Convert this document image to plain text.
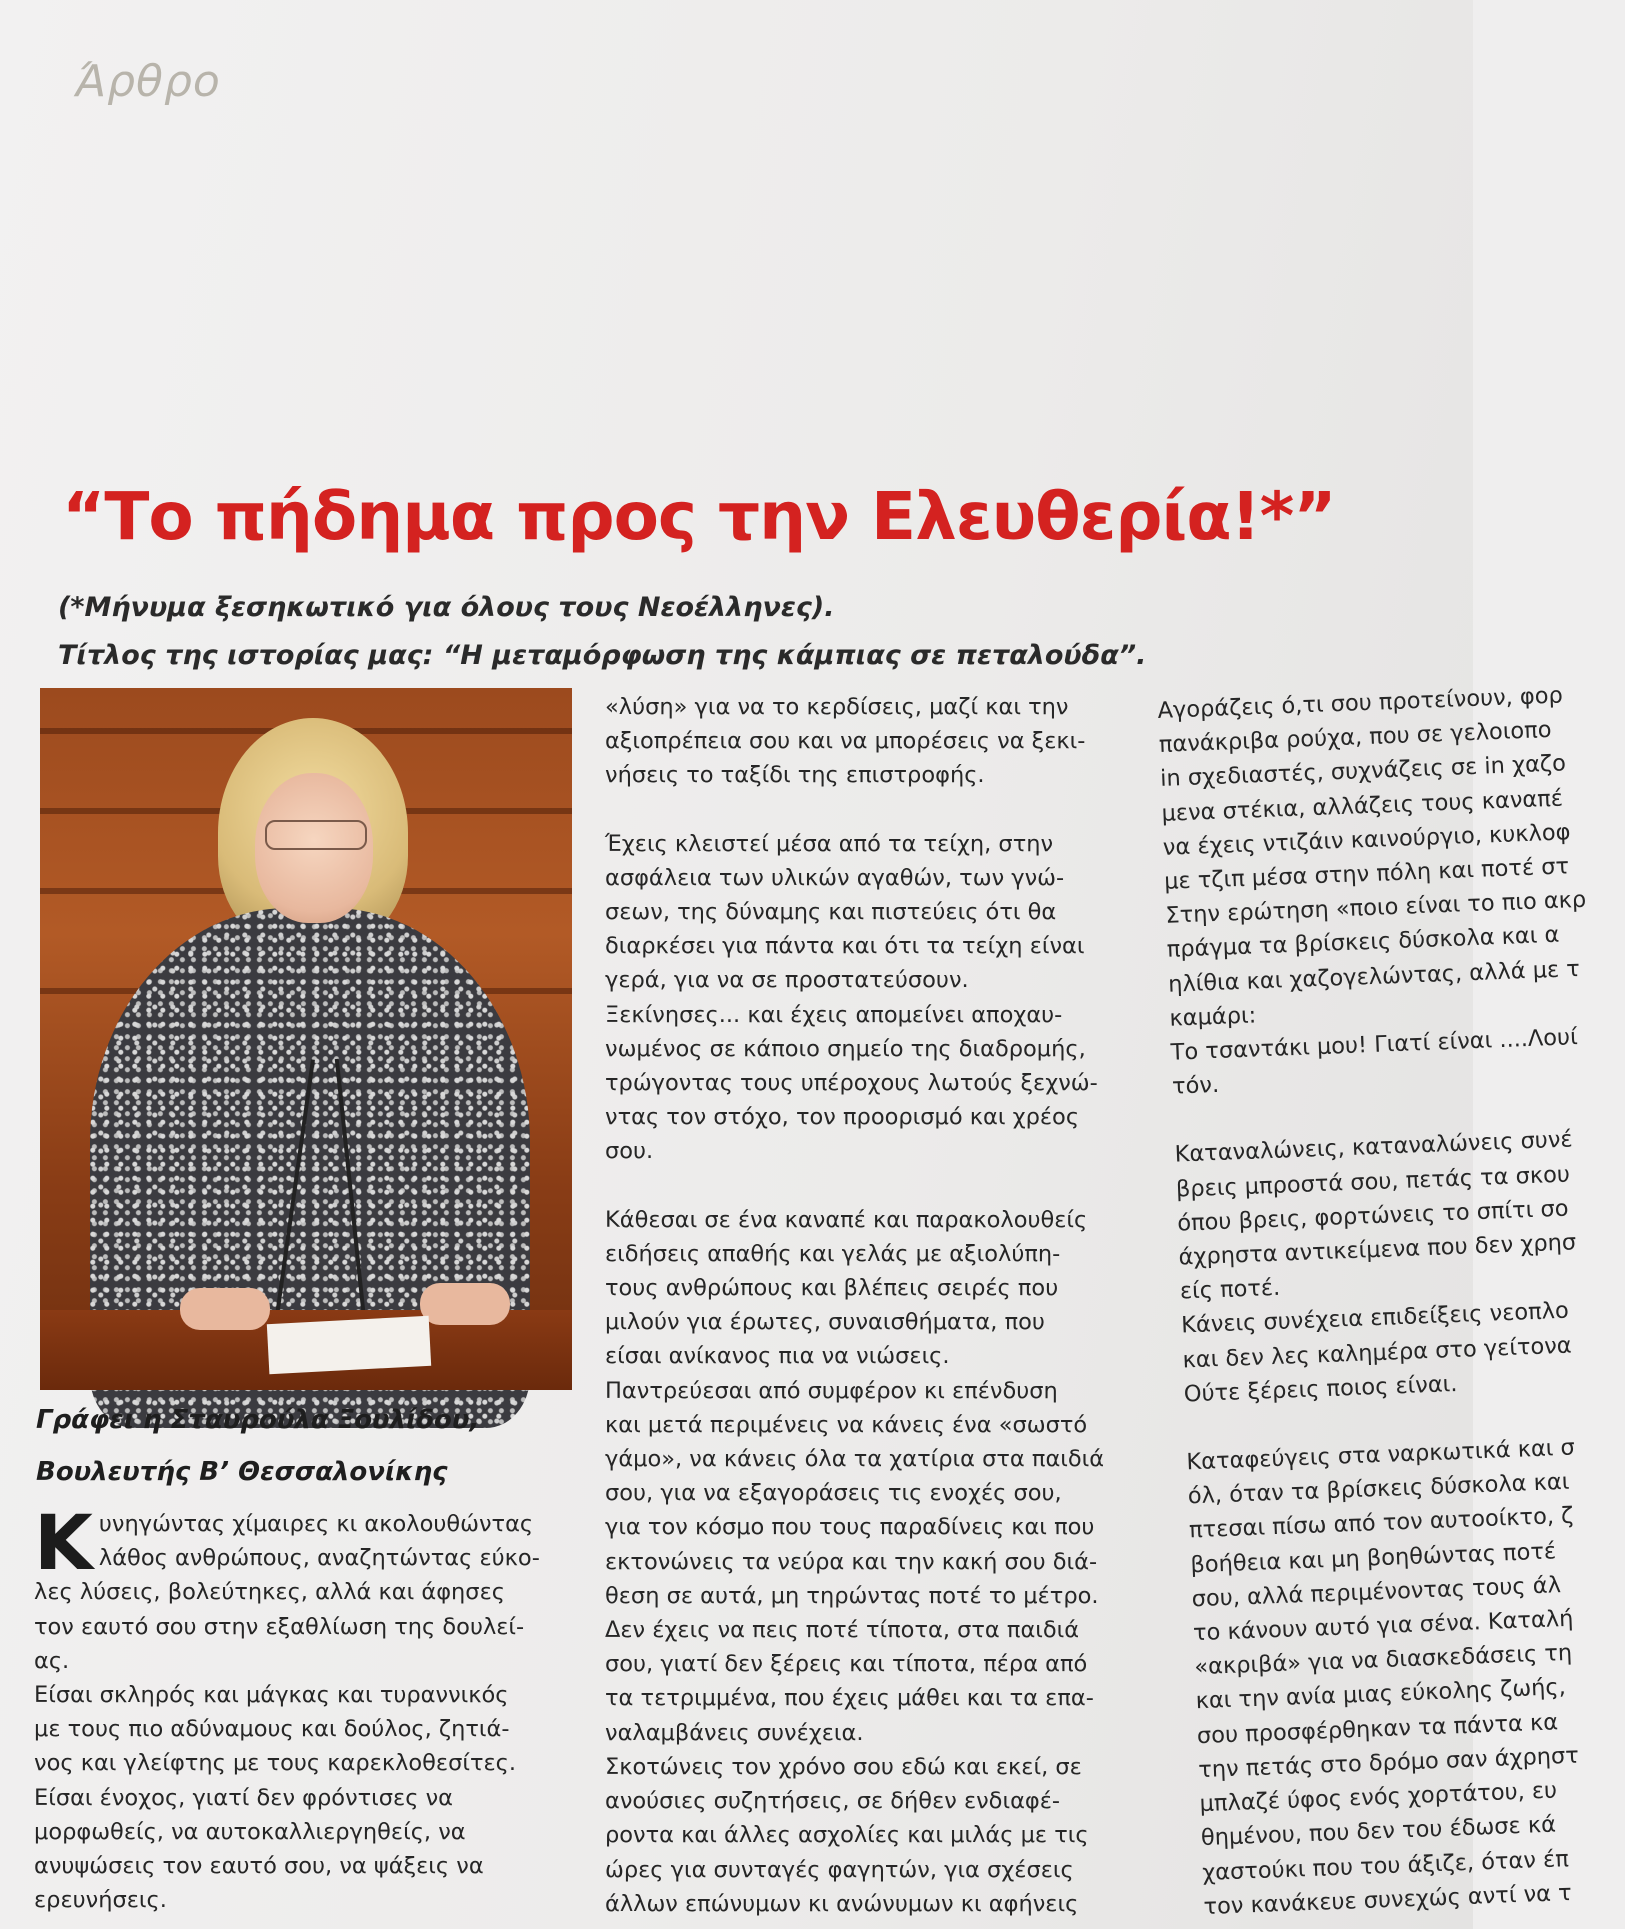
Άρθρο
“Το πήδημα προς την Ελευθερία!*”
(*Μήνυμα ξεσηκωτικό για όλους τους Νεοέλληνες).
Τίτλος της ιστορίας μας: “Η μεταμόρφωση της κάμπιας σε πεταλούδα”.
Γράφει η Σταυρούλα Ξουλίδου,
Βουλευτής Β’ Θεσσαλονίκης
Κ υνηγώντας χίμαιρες κι ακολουθώντας

λάθος ανθρώπους, αναζητώντας εύκο-

λες λύσεις, βολεύτηκες, αλλά και άφησες

τον εαυτό σου στην εξαθλίωση της δουλεί-

ας.

Είσαι σκληρός και μάγκας και τυραννικός

με τους πιο αδύναμους και δούλος, ζητιά-

νος και γλείφτης με τους καρεκλοθεσίτες.

Είσαι ένοχος, γιατί δεν φρόντισες να

μορφωθείς, να αυτοκαλλιεργηθείς, να

ανυψώσεις τον εαυτό σου, να ψάξεις να

ερευνήσεις.

«λύση» για να το κερδίσεις, μαζί και την

αξιοπρέπεια σου και να μπορέσεις να ξεκι-

νήσεις το ταξίδι της επιστροφής.

Έχεις κλειστεί μέσα από τα τείχη, στην

ασφάλεια των υλικών αγαθών, των γνώ-

σεων, της δύναμης και πιστεύεις ότι θα

διαρκέσει για πάντα και ότι τα τείχη είναι

γερά, για να σε προστατεύσουν.

Ξεκίνησες... και έχεις απομείνει αποχαυ-

νωμένος σε κάποιο σημείο της διαδρομής,

τρώγοντας τους υπέροχους λωτούς ξεχνώ-

ντας τον στόχο, τον προορισμό και χρέος

σου.

Κάθεσαι σε ένα καναπέ και παρακολουθείς

ειδήσεις απαθής και γελάς με αξιολύπη-

τους ανθρώπους και βλέπεις σειρές που

μιλούν για έρωτες, συναισθήματα, που

είσαι ανίκανος πια να νιώσεις.

Παντρεύεσαι από συμφέρον κι επένδυση

και μετά περιμένεις να κάνεις ένα «σωστό

γάμο», να κάνεις όλα τα χατίρια στα παιδιά

σου, για να εξαγοράσεις τις ενοχές σου,

για τον κόσμο που τους παραδίνεις και που

εκτονώνεις τα νεύρα και την κακή σου διά-

θεση σε αυτά, μη τηρώντας ποτέ το μέτρο.

Δεν έχεις να πεις ποτέ τίποτα, στα παιδιά

σου, γιατί δεν ξέρεις και τίποτα, πέρα από

τα τετριμμένα, που έχεις μάθει και τα επα-

ναλαμβάνεις συνέχεια.

Σκοτώνεις τον χρόνο σου εδώ και εκεί, σε

ανούσιες συζητήσεις, σε δήθεν ενδιαφέ-

ροντα και άλλες ασχολίες και μιλάς με τις

ώρες για συνταγές φαγητών, για σχέσεις

άλλων επώνυμων κι ανώνυμων κι αφήνεις

Αγοράζεις ό,τι σου προτείνουν, φορ

πανάκριβα ρούχα, που σε γελοιοπο

in σχεδιαστές, συχνάζεις σε in χαζο

μενα στέκια, αλλάζεις τους καναπέ

να έχεις ντιζάιν καινούργιο, κυκλοφ

με τζιπ μέσα στην πόλη και ποτέ στ

Στην ερώτηση «ποιο είναι το πιο ακρ

πράγμα τα βρίσκεις δύσκολα και α

ηλίθια και χαζογελώντας, αλλά με τ

καμάρι:

Το τσαντάκι μου! Γιατί είναι ....Λουί

τόν.

Καταναλώνεις, καταναλώνεις συνέ

βρεις μπροστά σου, πετάς τα σκου

όπου βρεις, φορτώνεις το σπίτι σο

άχρηστα αντικείμενα που δεν χρησ

είς ποτέ.

Κάνεις συνέχεια επιδείξεις νεοπλο

και δεν λες καλημέρα στο γείτονα

Ούτε ξέρεις ποιος είναι.

Καταφεύγεις στα ναρκωτικά και σ

όλ, όταν τα βρίσκεις δύσκολα και

πτεσαι πίσω από τον αυτοοίκτο, ζ

βοήθεια και μη βοηθώντας ποτέ

σου, αλλά περιμένοντας τους άλ

το κάνουν αυτό για σένα. Καταλή

«ακριβά» για να διασκεδάσεις τη

και την ανία μιας εύκολης ζωής,

σου προσφέρθηκαν τα πάντα κα

την πετάς στο δρόμο σαν άχρηστ

μπλαζέ ύφος ενός χορτάτου, ευ

θημένου, που δεν του έδωσε κά

χαστούκι που του άξιζε, όταν έπ

τον κανάκευε συνεχώς αντί να τ
